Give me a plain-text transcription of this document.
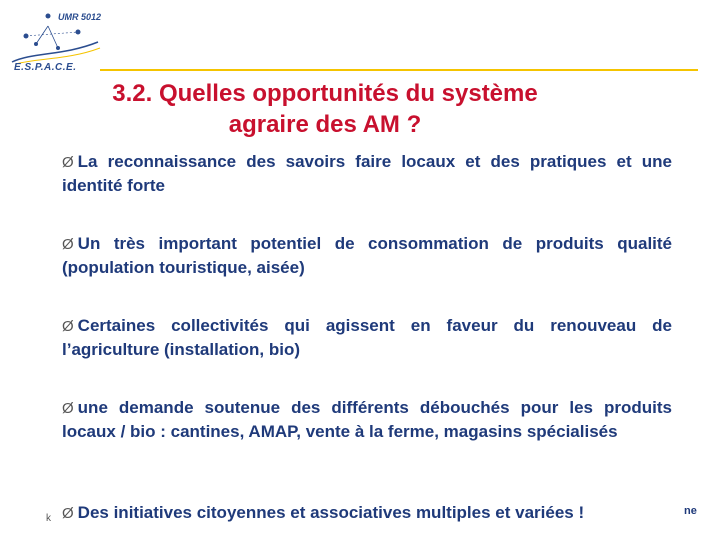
UMR 5012
E.S.P.A.C.E.
3.2. Quelles opportunités du système agraire des AM ?
Ø La reconnaissance des savoirs faire locaux et des pratiques et une identité forte
Ø Un très important potentiel de consommation de produits qualité (population touristique, aisée)
Ø Certaines collectivités qui agissent en faveur du renouveau de l’agriculture (installation, bio)
Ø une demande soutenue des différents débouchés pour les produits locaux / bio : cantines, AMAP, vente à la ferme, magasins spécialisés
Ø Des initiatives citoyennes et associatives multiples et variées !
k
ne
